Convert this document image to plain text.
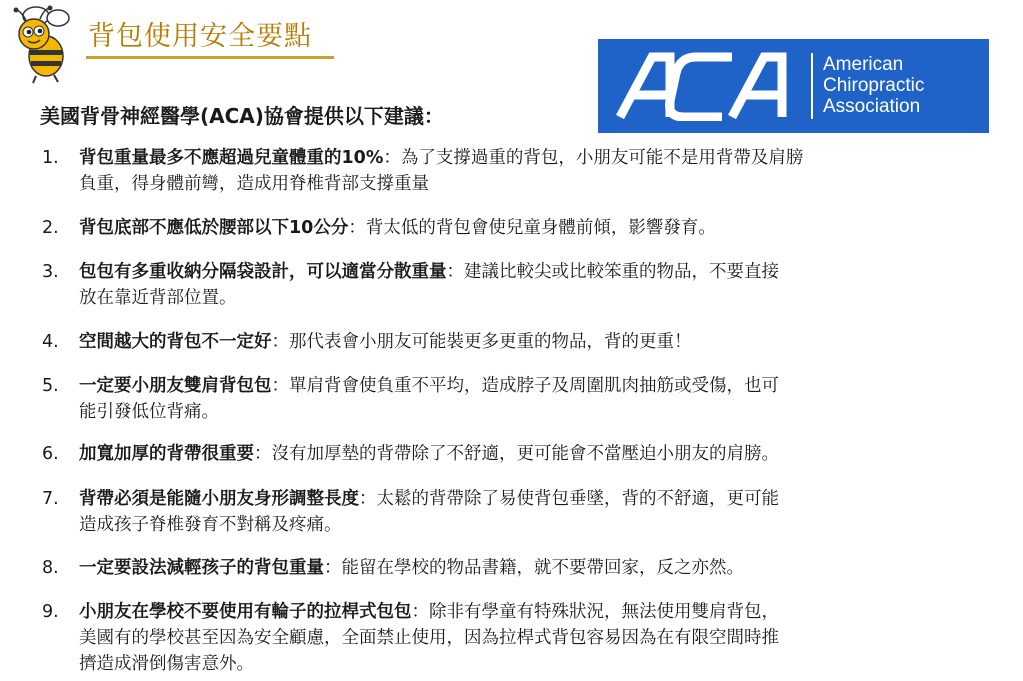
背包使用安全要點
American
Chiropractic
Association
美國背骨神經醫學(ACA)協會提供以下建議：
1.	背包重量最多不應超過兒童體重的10%：為了支撐過重的背包，小朋友可能不是用背帶及肩膀
負重，得身體前彎，造成用脊椎背部支撐重量
2.	背包底部不應低於腰部以下10公分：背太低的背包會使兒童身體前傾，影響發育。
3.	包包有多重收納分隔袋設計，可以適當分散重量：建議比較尖或比較笨重的物品，不要直接
放在靠近背部位置。
4.	空間越大的背包不一定好：那代表會小朋友可能裝更多更重的物品，背的更重！
5.	一定要小朋友雙肩背包包：單肩背會使負重不平均，造成脖子及周圍肌肉抽筋或受傷，也可
能引發低位背痛。
6.	加寬加厚的背帶很重要：沒有加厚墊的背帶除了不舒適，更可能會不當壓迫小朋友的肩膀。
7.	背帶必須是能隨小朋友身形調整長度：太鬆的背帶除了易使背包垂墜，背的不舒適，更可能
造成孩子脊椎發育不對稱及疼痛。
8.	一定要設法減輕孩子的背包重量：能留在學校的物品書籍，就不要帶回家，反之亦然。
9.	小朋友在學校不要使用有輪子的拉桿式包包：除非有學童有特殊狀況，無法使用雙肩背包，
美國有的學校甚至因為安全顧慮，全面禁止使用，因為拉桿式背包容易因為在有限空間時推
擠造成滑倒傷害意外。
